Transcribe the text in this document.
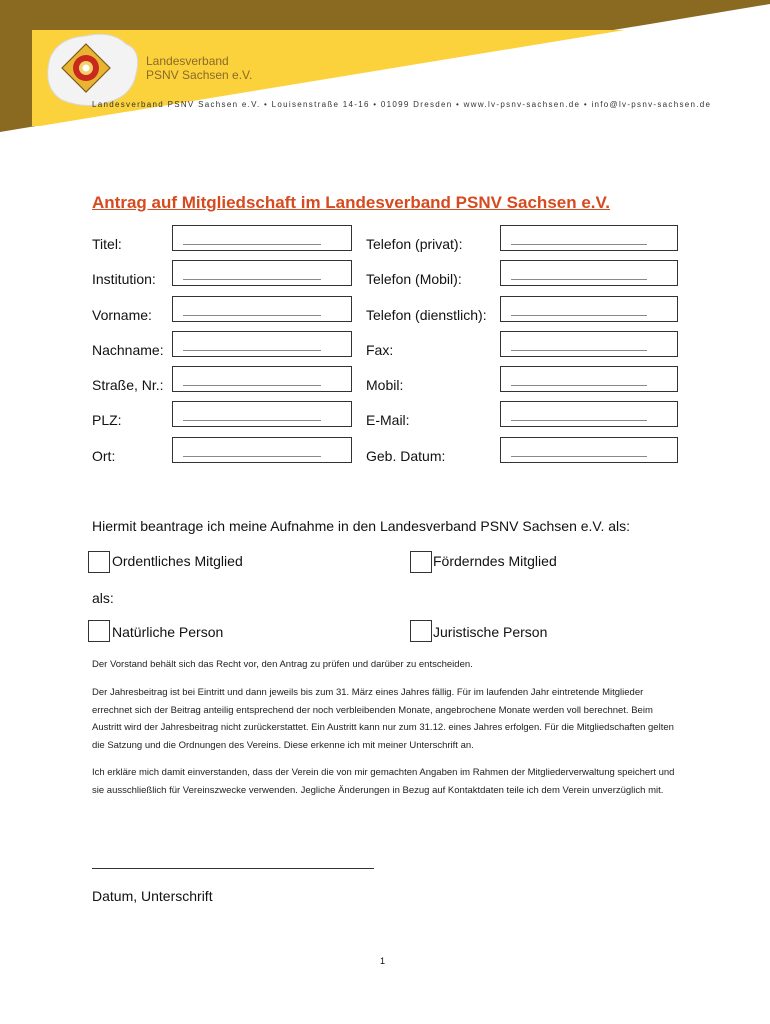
Landesverband
PSNV Sachsen e.V.
Landesverband PSNV Sachsen e.V. • Louisenstraße 14-16 • 01099 Dresden • www.lv-psnv-sachsen.de • info@lv-psnv-sachsen.de
Antrag auf Mitgliedschaft im Landesverband PSNV Sachsen e.V.
Titel:
Institution:
Vorname:
Nachname:
Straße, Nr.:
PLZ:
Ort:
Telefon (privat):
Telefon (Mobil):
Telefon (dienstlich):
Fax:
Mobil:
E-Mail:
Geb. Datum:
Hiermit beantrage ich meine Aufnahme in den Landesverband PSNV Sachsen e.V. als:
Ordentliches Mitglied	Förderndes Mitglied
als:
Natürliche Person	Juristische Person
Der Vorstand behält sich das Recht vor, den Antrag zu prüfen und darüber zu entscheiden.
Der Jahresbeitrag ist bei Eintritt und dann jeweils bis zum 31. März eines Jahres fällig. Für im laufenden Jahr eintretende Mitglieder errechnet sich der Beitrag anteilig entsprechend der noch verbleibenden Monate, angebrochene Monate werden voll berechnet. Beim Austritt wird der Jahresbeitrag nicht zurückerstattet. Ein Austritt kann nur zum 31.12. eines Jahres erfolgen. Für die Mitgliedschaften gelten die Satzung und die Ordnungen des Vereins. Diese erkenne ich mit meiner Unterschrift an.
Ich erkläre mich damit einverstanden, dass der Verein die von mir gemachten Angaben im Rahmen der Mitgliederverwaltung speichert und sie ausschließlich für Vereinszwecke verwenden. Jegliche Änderungen in Bezug auf Kontaktdaten teile ich dem Verein unverzüglich mit.
Datum, Unterschrift
1
